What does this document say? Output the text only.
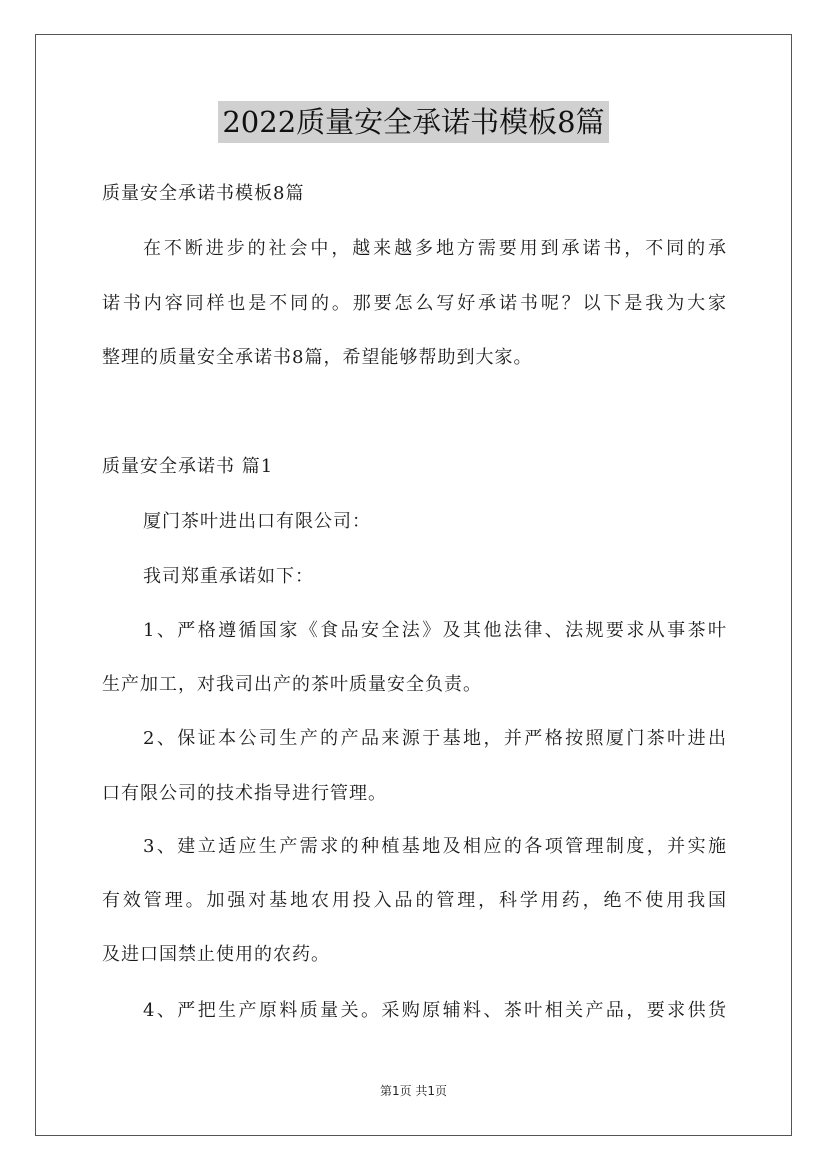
2022质量安全承诺书模板8篇
质量安全承诺书模板8篇
在不断进步的社会中，越来越多地方需要用到承诺书，不同的承
诺书内容同样也是不同的。那要怎么写好承诺书呢？以下是我为大家
整理的质量安全承诺书8篇，希望能够帮助到大家。
质量安全承诺书 篇1
厦门茶叶进出口有限公司：
我司郑重承诺如下：
1、严格遵循国家《食品安全法》及其他法律、法规要求从事茶叶
生产加工，对我司出产的茶叶质量安全负责。
2、保证本公司生产的产品来源于基地，并严格按照厦门茶叶进出
口有限公司的技术指导进行管理。
3、建立适应生产需求的种植基地及相应的各项管理制度，并实施
有效管理。加强对基地农用投入品的管理，科学用药，绝不使用我国
及进口国禁止使用的农药。
4、严把生产原料质量关。采购原辅料、茶叶相关产品，要求供货
第1页 共1页
